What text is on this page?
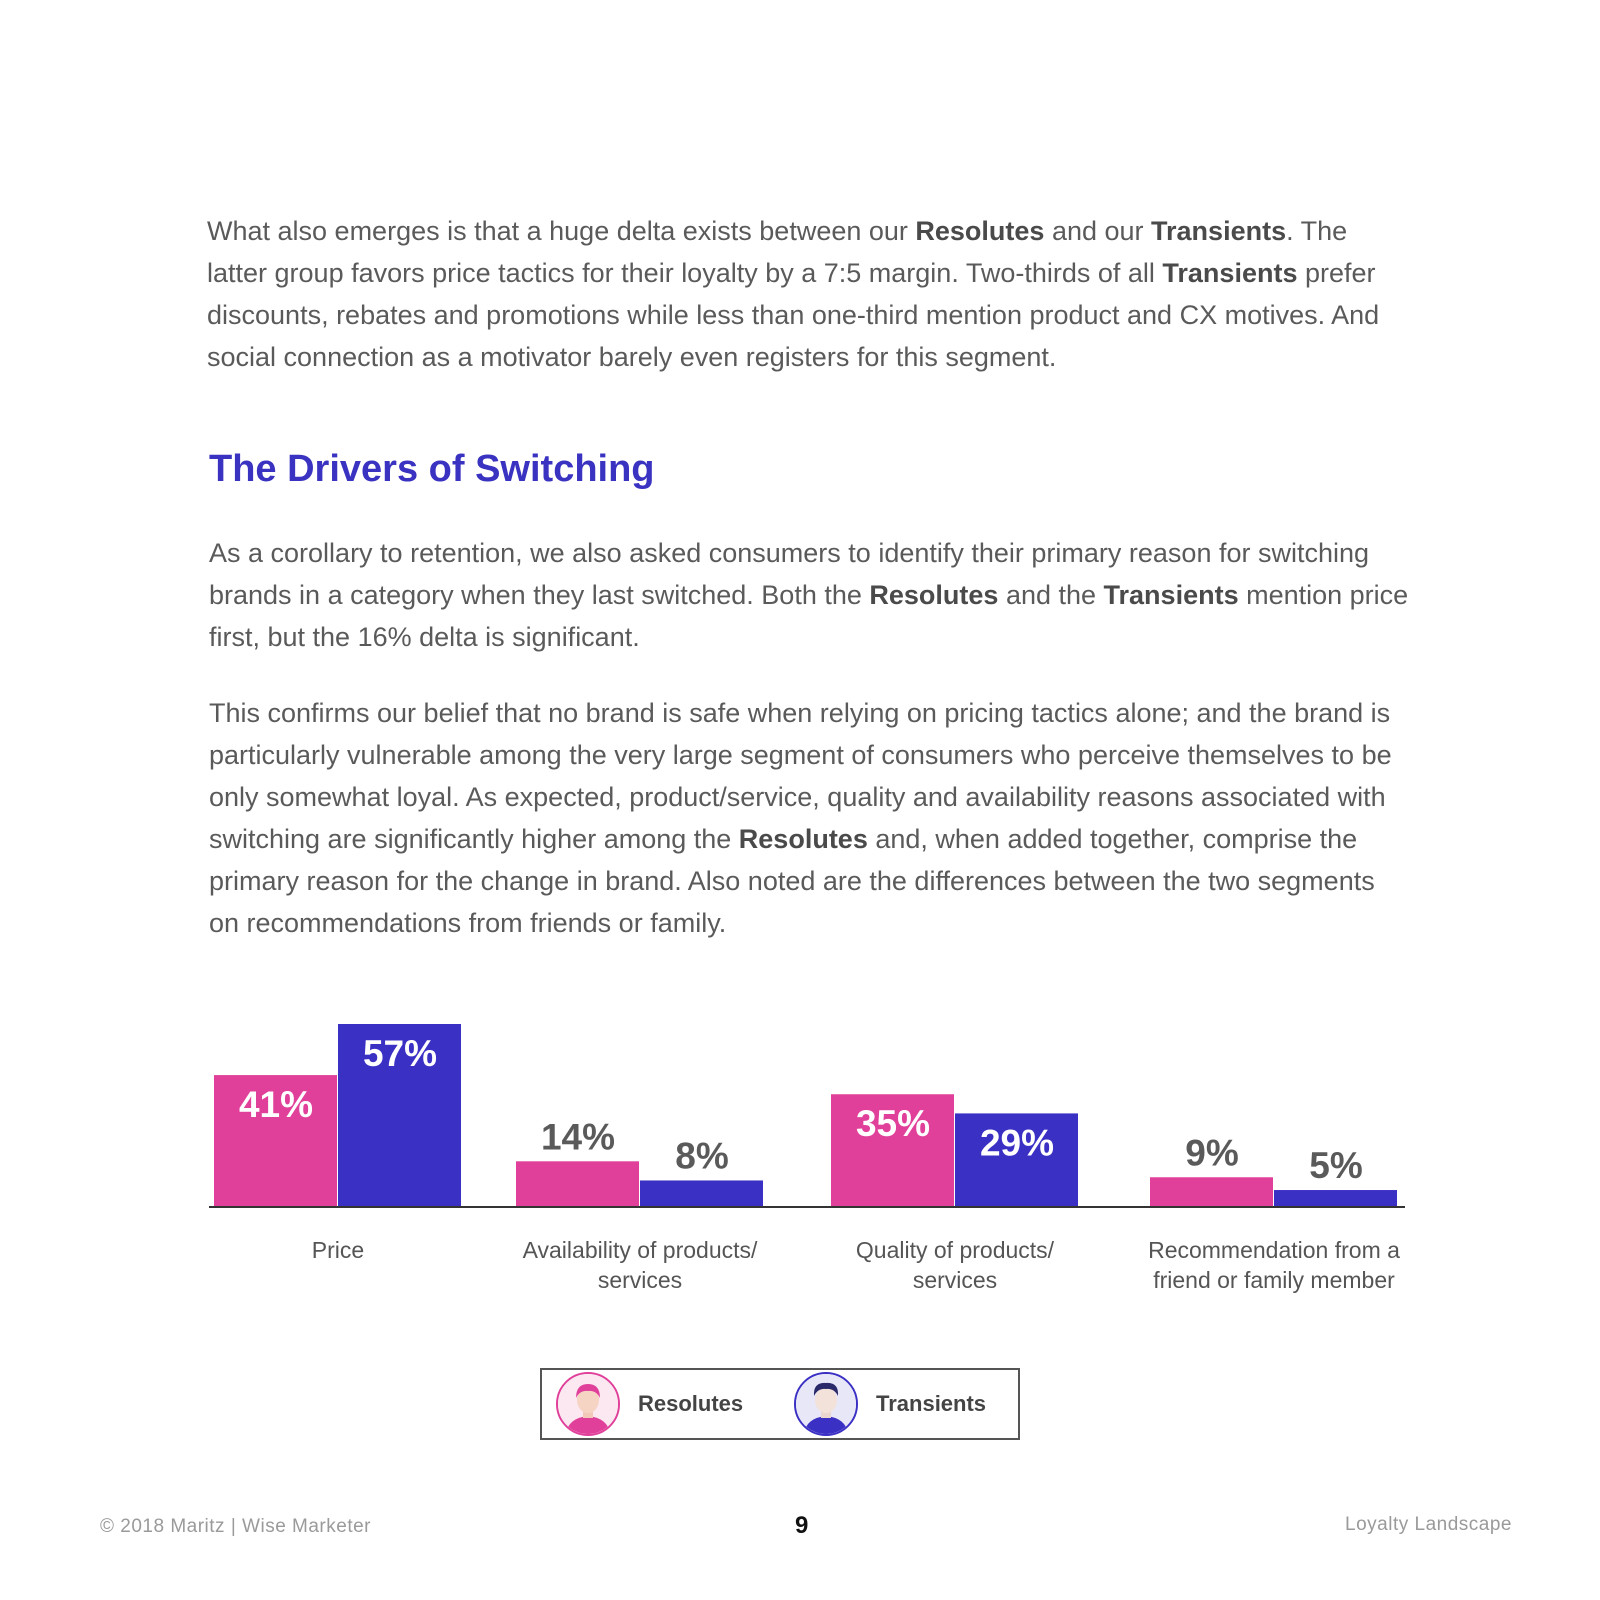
What also emerges is that a huge delta exists between our Resolutes and our Transients. The latter group favors price tactics for their loyalty by a 7:5 margin. Two-thirds of all Transients prefer discounts, rebates and promotions while less than one-third mention product and CX motives. And social connection as a motivator barely even registers for this segment.

The Drivers of Switching

As a corollary to retention, we also asked consumers to identify their primary reason for switching brands in a category when they last switched. Both the Resolutes and the Transients mention price first, but the 16% delta is significant.

This confirms our belief that no brand is safe when relying on pricing tactics alone; and the brand is particularly vulnerable among the very large segment of consumers who perceive themselves to be only somewhat loyal. As expected, product/service, quality and availability reasons associated with switching are significantly higher among the Resolutes and, when added together, comprise the primary reason for the change in brand. Also noted are the differences between the two segments on recommendations from friends or family.

41%
57%
Price
14% 8%
Availability of products/
services
35% 29%
Quality of products/
services
9% 5%
Recommendation from a
friend or family member
Resolutes	Transients
© 2018 Maritz | Wise Marketer	9	Loyalty Landscape
